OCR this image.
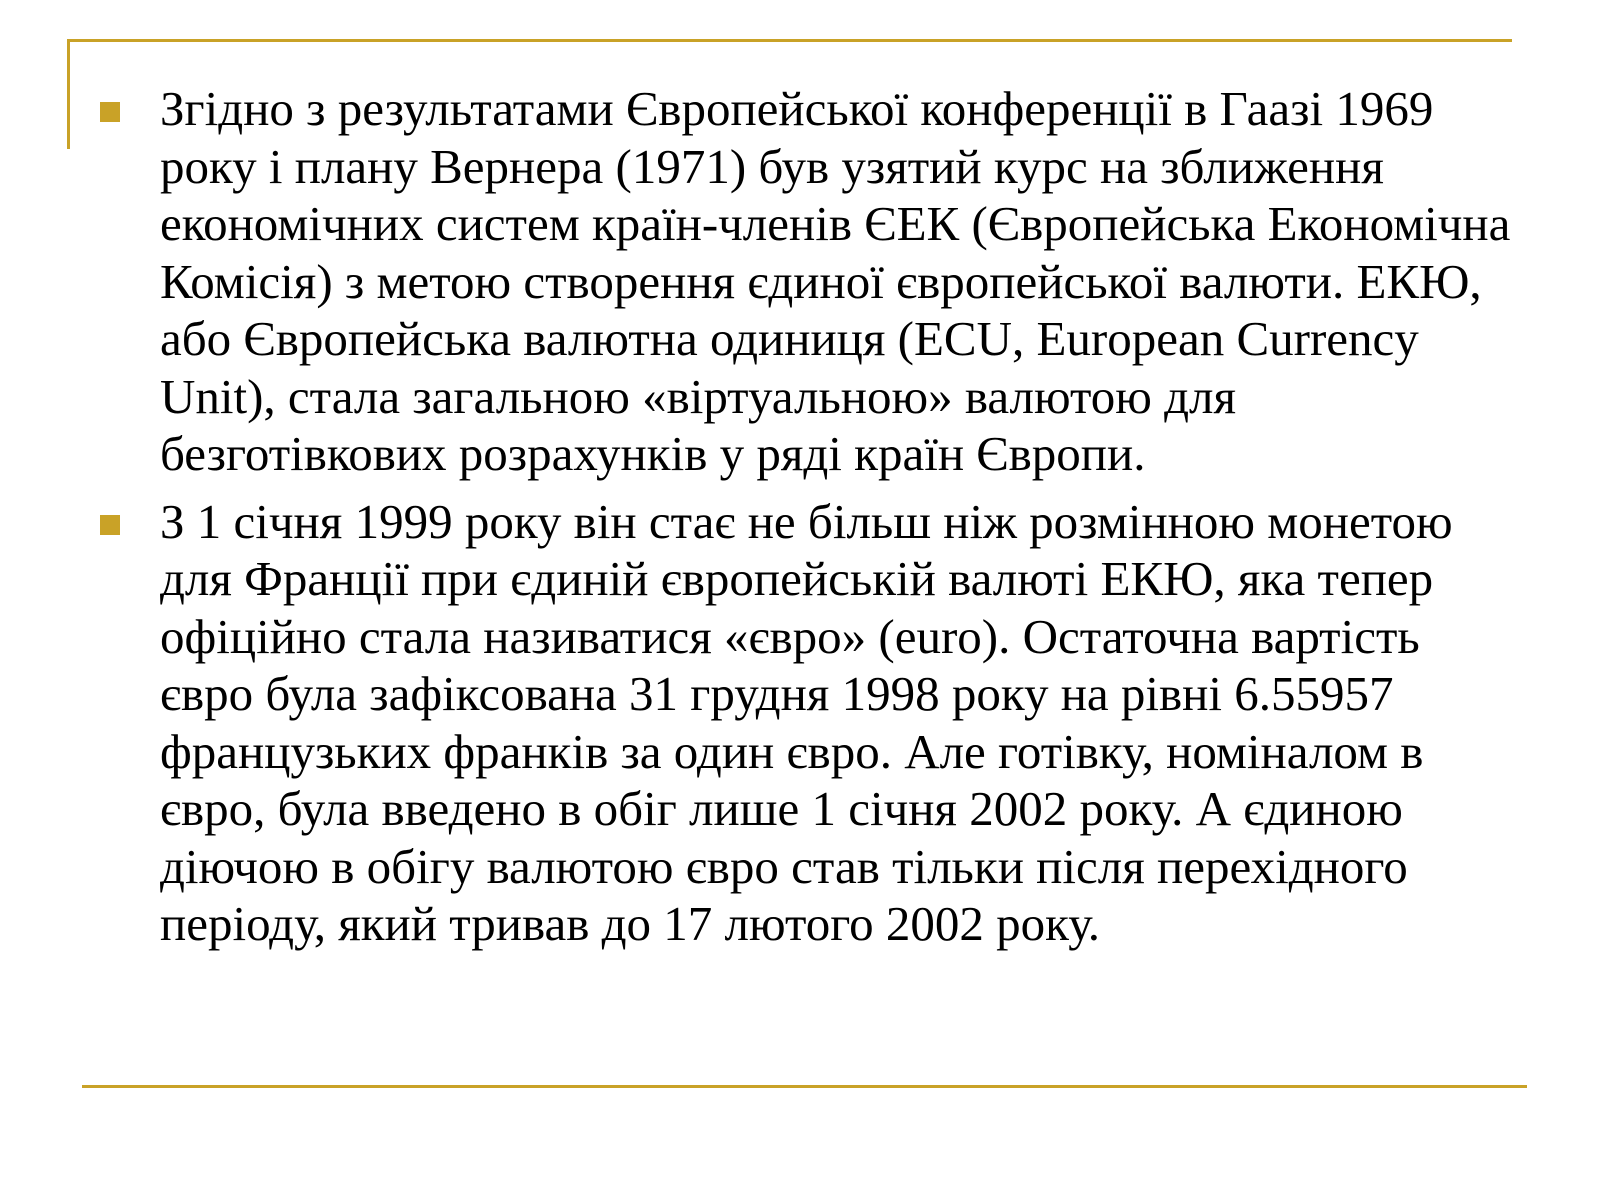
Згідно з результатами Європейської конференції в Гаазі 1969 року і плану Вернера (1971) був узятий курс на зближення економічних систем країн-членів ЄЕК (Європейська Економічна Комісія) з метою створення єдиної європейської валюти. ЕКЮ, або Європейська валютна одиниця (ECU, European Currency Unit), стала загальною «віртуальною» валютою для безготівкових розрахунків у ряді країн Європи.
З 1 січня 1999 року він стає не більш ніж розмінною монетою для Франції при єдиній європейській валюті ЕКЮ, яка тепер офіційно стала називатися «євро» (euro). Остаточна вартість євро була зафіксована 31 грудня 1998 року на рівні 6.55957 французьких франків за один євро. Але готівку, номіналом в євро, була введено в обіг лише 1 січня 2002 року. А єдиною діючою в обігу валютою євро став тільки після перехідного періоду, який тривав до 17 лютого 2002 року.
